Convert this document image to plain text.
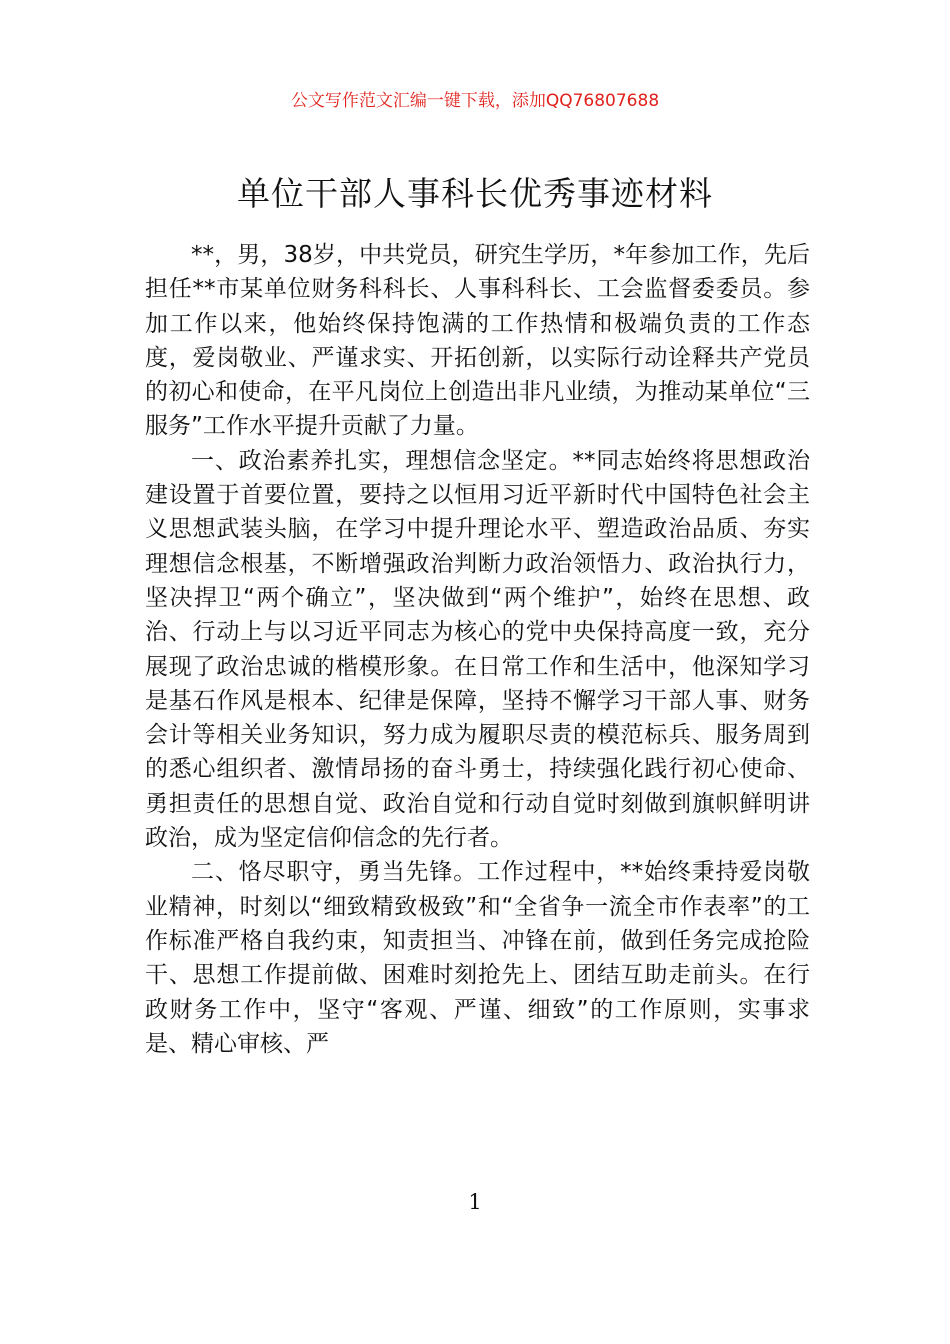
公文写作范文汇编一键下载，添加QQ76807688
单位干部人事科长优秀事迹材料

**，男，38岁，中共党员，研究生学历，*年参加工作，先后担任**市某单位财务科科长、人事科科长、工会监督委委员。参加工作以来，他始终保持饱满的工作热情和极端负责的工作态度，爱岗敬业、严谨求实、开拓创新，以实际行动诠释共产党员的初心和使命，在平凡岗位上创造出非凡业绩，为推动某单位“三服务”工作水平提升贡献了力量。

一、政治素养扎实，理想信念坚定。**同志始终将思想政治建设置于首要位置，要持之以恒用习近平新时代中国特色社会主义思想武装头脑，在学习中提升理论水平、塑造政治品质、夯实理想信念根基，不断增强政治判断力政治领悟力、政治执行力，坚决捍卫“两个确立”，坚决做到“两个维护”，始终在思想、政治、行动上与以习近平同志为核心的党中央保持高度一致，充分展现了政治忠诚的楷模形象。在日常工作和生活中，他深知学习是基石作风是根本、纪律是保障，坚持不懈学习干部人事、财务会计等相关业务知识，努力成为履职尽责的模范标兵、服务周到的悉心组织者、激情昂扬的奋斗勇士，持续强化践行初心使命、勇担责任的思想自觉、政治自觉和行动自觉时刻做到旗帜鲜明讲政治，成为坚定信仰信念的先行者。

二、恪尽职守，勇当先锋。工作过程中，**始终秉持爱岗敬业精神，时刻以“细致精致极致”和“全省争一流全市作表率”的工作标准严格自我约束，知责担当、冲锋在前，做到任务完成抢险干、思想工作提前做、困难时刻抢先上、团结互助走前头。在行政财务工作中，坚守“客观、严谨、细致”的工作原则，实事求是、精心审核、严

1
